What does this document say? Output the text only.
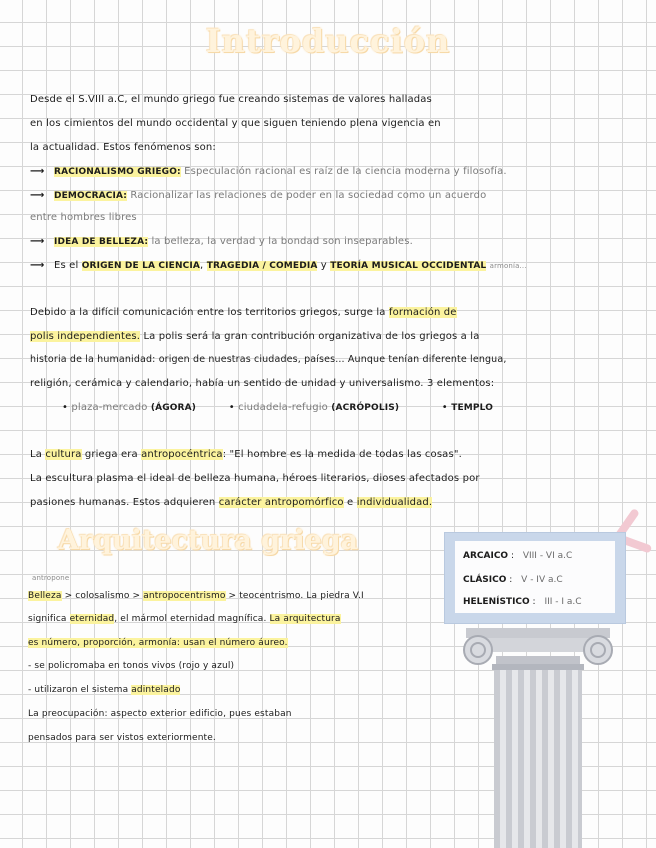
Introducción
Desde el S.VIII a.C, el mundo griego fue creando sistemas de valores halladas
en los cimientos del mundo occidental y que siguen teniendo plena vigencia en
la actualidad. Estos fenómenos son:
⟶ RACIONALISMO GRIEGO: Especulación racional es raíz de la ciencia moderna y filosofía.
⟶ DEMOCRACIA: Racionalizar las relaciones de poder en la sociedad como un acuerdo
entre hombres libres
⟶ IDEA DE BELLEZA: la belleza, la verdad y la bondad son inseparables.
⟶ Es el ORIGEN DE LA CIENCIA, TRAGEDIA / COMEDIA y TEORÍA MUSICAL OCCIDENTAL armonía...
Debido a la difícil comunicación entre los territorios griegos, surge la formación de
polis independientes. La polis será la gran contribución organizativa de los griegos a la
historia de la humanidad: origen de nuestras ciudades, países... Aunque tenían diferente lengua,
religión, cerámica y calendario, había un sentido de unidad y universalismo. 3 elementos:
• plaza-mercado (ÁGORA)	• ciudadela-refugio (ACRÓPOLIS)	• TEMPLO
La cultura griega era antropocéntrica: "El hombre es la medida de todas las cosas".
La escultura plasma el ideal de belleza humana, héroes literarios, dioses afectados por
pasiones humanas. Estos adquieren carácter antropomórfico e individualidad.
Arquitectura griega	ARCAICO : VIII - VI a.C
CLÁSICO : V - IV a.C
HELENÍSTICO : III - I a.C
antropone
Belleza > colosalismo > antropocentrismo > teocentrismo. La piedra V.I
significa eternidad, el mármol eternidad magnífica. La arquitectura
es número, proporción, armonía: usan el número áureo.
- se policromaba en tonos vivos (rojo y azul)
- utilizaron el sistema adintelado
La preocupación: aspecto exterior edificio, pues estaban
pensados para ser vistos exteriormente.
